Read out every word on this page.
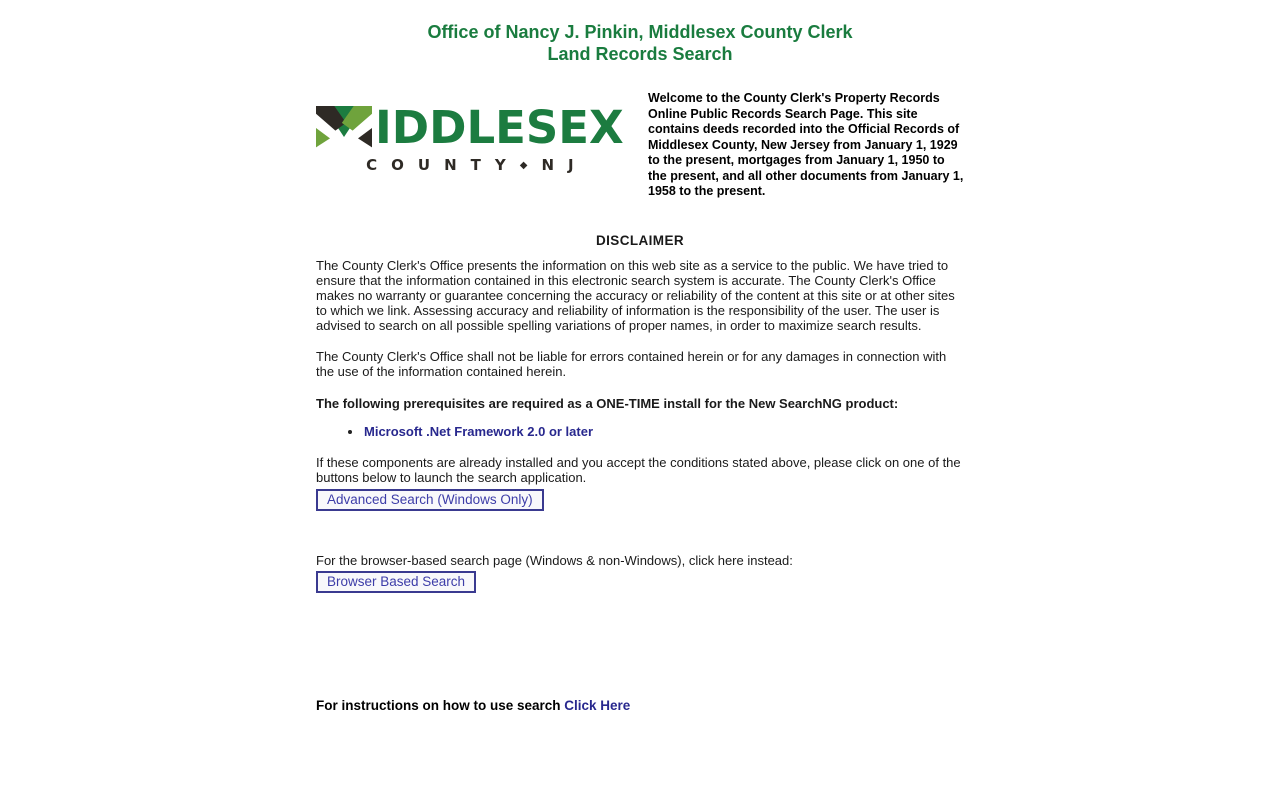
Office of Nancy J. Pinkin, Middlesex County Clerk
Land Records Search
IDDLESEX
COUNTY◆NJ
Welcome to the County Clerk's Property Records Online Public Records Search Page. This site contains deeds recorded into the Official Records of Middlesex County, New Jersey from January 1, 1929 to the present, mortgages from January 1, 1950 to the present, and all other documents from January 1, 1958 to the present.
DISCLAIMER

The County Clerk's Office presents the information on this web site as a service to the public. We have tried to ensure that the information contained in this electronic search system is accurate. The County Clerk's Office makes no warranty or guarantee concerning the accuracy or reliability of the content at this site or at other sites to which we link. Assessing accuracy and reliability of information is the responsibility of the user. The user is advised to search on all possible spelling variations of proper names, in order to maximize search results.

The County Clerk's Office shall not be liable for errors contained herein or for any damages in connection with the use of the information contained herein.

The following prerequisites are required as a ONE-TIME install for the New SearchNG product:

• Microsoft .Net Framework 2.0 or later

If these components are already installed and you accept the conditions stated above, please click on one of the buttons below to launch the search application.

Advanced Search (Windows Only)

For the browser-based search page (Windows & non-Windows), click here instead:

Browser Based Search

For instructions on how to use search Click Here
